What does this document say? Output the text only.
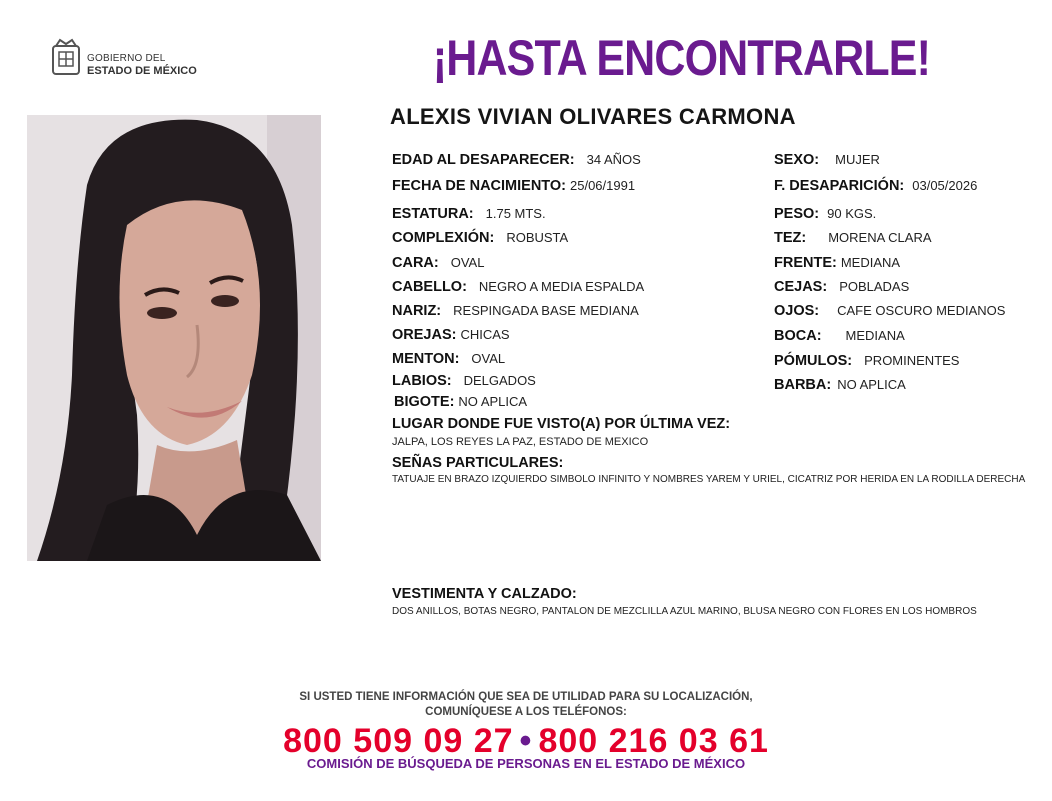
GOBIERNO DEL
ESTADO DE MÉXICO	¡HASTA ENCONTRARLE!
ALEXIS VIVIAN OLIVARES CARMONA
EDAD AL DESAPARECER: 34 AÑOS
FECHA DE NACIMIENTO: 25/06/1991
ESTATURA: 1.75 MTS.
COMPLEXIÓN: ROBUSTA
CARA: OVAL
CABELLO: NEGRO A MEDIA ESPALDA
NARIZ: RESPINGADA BASE MEDIANA
OREJAS: CHICAS
MENTON: OVAL
LABIOS: DELGADOS
BIGOTE: NO APLICA
SEXO: MUJER
F. DESAPARICIÓN: 03/05/2026
PESO: 90 KGS.
TEZ: MORENA CLARA
FRENTE: MEDIANA
CEJAS: POBLADAS
OJOS: CAFE OSCURO MEDIANOS
BOCA: MEDIANA
PÓMULOS: PROMINENTES
BARBA: NO APLICA
LUGAR DONDE FUE VISTO(A) POR ÚLTIMA VEZ:
JALPA, LOS REYES LA PAZ, ESTADO DE MEXICO
SEÑAS PARTICULARES:
TATUAJE EN BRAZO IZQUIERDO SIMBOLO INFINITO Y NOMBRES YAREM Y URIEL, CICATRIZ POR HERIDA EN LA RODILLA DERECHA
VESTIMENTA Y CALZADO:
DOS ANILLOS, BOTAS NEGRO, PANTALON DE MEZCLILLA AZUL MARINO, BLUSA NEGRO CON FLORES EN LOS HOMBROS
SI USTED TIENE INFORMACIÓN QUE SEA DE UTILIDAD PARA SU LOCALIZACIÓN,
COMUNÍQUESE A LOS TELÉFONOS:
800 509 09 27 • 800 216 03 61
COMISIÓN DE BÚSQUEDA DE PERSONAS EN EL ESTADO DE MÉXICO
